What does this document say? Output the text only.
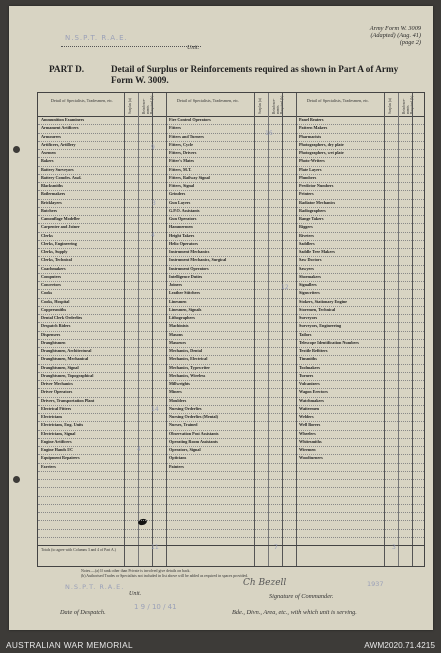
Army Form W. 3009
(Adapted) (Aug. 41)
(page 2)
N.S.P.T. R.A.E.
Unit.
PART D.	Detail of Surplus or Reinforcements required as shown in Part A of Army Form W. 3009.
Detail of Specialists, Tradesmen, etc.	Surplus (a)	Reinforce-ments Required (b)	Detail of Specialists, Tradesmen, etc.	Surplus (a)	Reinforce-ments Required (b)	Detail of Specialists, Tradesmen, etc.	Surplus (a)	Reinforce-ments Required (b)
Ammunition Examiners
Armament Artificers
Armourers
Artificers, Artillery
Axemen
Bakers
Battery Surveyors
Battery Comdrs. Assd.
Blacksmiths
Boilermakers
Bricklayers
Butchers
Camouflage Modeller
Carpenter and Joiner
Clerks
Clerks, Engineering
Clerks, Supply
Clerks, Technical
Coachmakers
Computers
Concretors
Cooks
Cooks, Hospital
Coppersmiths
Dental Clerk Orderlies
Despatch Riders
Dispensers
Draughtsmen
Draughtsmen, Architectural
Draughtsmen, Mechanical
Draughtsmen, Signal
Draughtsmen, Topographical
Driver Mechanics
Driver Operators
Drivers, Transportation Plant
Electrical Fitters
Electricians
Electricians, Eng. Units
Electricians, Signal
Engine Artificers
Engine Hands I/C
Equipment Repairers
Farriers
Fire Control Operators
Fitters
Fitters and Turners
Fitters, Cycle
Fitters, Drivers
Fitter's Mates
Fitters, M.T.
Fitters, Railway Signal
Fitters, Signal
Grinders
Gun Layers
G.P.O. Assistants
Gun Operators
Hammermen
Height Takers
Helio Operators
Instrument Mechanics
Instrument Mechanics, Surgical
Instrument Operators
Intelligence Duties
Joiners
Leather Stitchers
Linesmen
Linesmen, Signals
Lithographers
Machinists
Masons
Masseurs
Mechanics, Dental
Mechanics, Electrical
Mechanics, Typewriter
Mechanics, Wireless
Millwrights
Miners
Moulders
Nursing Orderlies
Nursing Orderlies (Mental)
Nurses, Trained
Observation Post Assistants
Operating Room Assistants
Operators, Signal
Opticians
Painters
Panel Beaters
Pattern Makers
Pharmacists
Photographers, dry plate
Photographers, wet plate
Photo-Writers
Plate Layers
Plumbers
Predictor Numbers
Printers
Radiator Mechanics
Radiographers
Range Takers
Riggers
Riveters
Saddlers
Saddle Tree Makers
Saw Doctors
Sawyers
Shoemakers
Signallers
Signwriters
Stokers, Stationary Engine
Storemen, Technical
Surveyors
Surveyors, Engineering
Tailors
Telescope Identification Numbers
Textile Refitters
Tinsmiths
Toolmakers
Turners
Vulcanizers
Wagon Erectors
Watchmakers
Waitermen
Welders
Well Borers
Wheelers
Whitesmiths
Wiremen
Woodturners
Totals (to agree with Columns 3 and 4 of Part A.)
Notes.—(a) If rank other than Private is involved give details on back.
(b) Authorised Trades or Specialists not included in list above will be added as required in spaces provided.
N.S.P.T. R.A.E.
Unit.
Ch Bezell	1937
Signature of Commander.
Date of Despatch.
1 9 / 10 / 41
Bde., Divn., Area, etc., with which unit is serving.
16
9
3
4
12
14
4
11	7	3
AUSTRALIAN WAR MEMORIAL	AWM2020.71.4215
